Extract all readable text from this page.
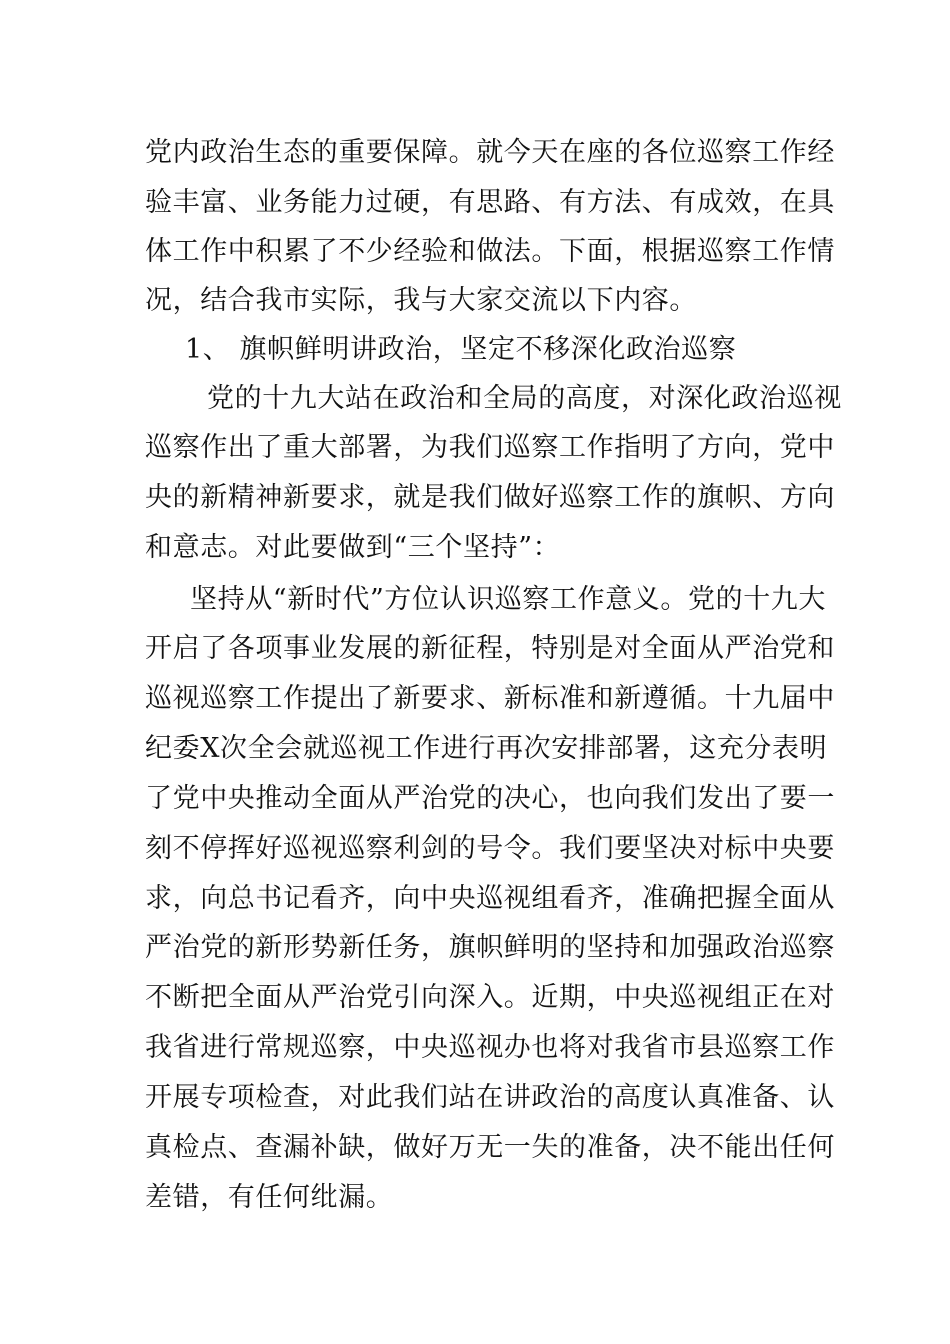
党内政治生态的重要保障。就今天在座的各位巡察工作经
验丰富、业务能力过硬，有思路、有方法、有成效，在具
体工作中积累了不少经验和做法。下面，根据巡察工作情
况，结合我市实际，我与大家交流以下内容。
1、 旗帜鲜明讲政治，坚定不移深化政治巡察
党的十九大站在政治和全局的高度，对深化政治巡视
巡察作出了重大部署，为我们巡察工作指明了方向，党中
央的新精神新要求，就是我们做好巡察工作的旗帜、方向
和意志。对此要做到“三个坚持”：
坚持从“新时代”方位认识巡察工作意义。党的十九大
开启了各项事业发展的新征程，特别是对全面从严治党和
巡视巡察工作提出了新要求、新标准和新遵循。十九届中
纪委X次全会就巡视工作进行再次安排部署，这充分表明
了党中央推动全面从严治党的决心，也向我们发出了要一
刻不停挥好巡视巡察利剑的号令。我们要坚决对标中央要
求，向总书记看齐，向中央巡视组看齐，准确把握全面从
严治党的新形势新任务，旗帜鲜明的坚持和加强政治巡察
不断把全面从严治党引向深入。近期，中央巡视组正在对
我省进行常规巡察，中央巡视办也将对我省市县巡察工作
开展专项检查，对此我们站在讲政治的高度认真准备、认
真检点、查漏补缺，做好万无一失的准备，决不能出任何
差错，有任何纰漏。
